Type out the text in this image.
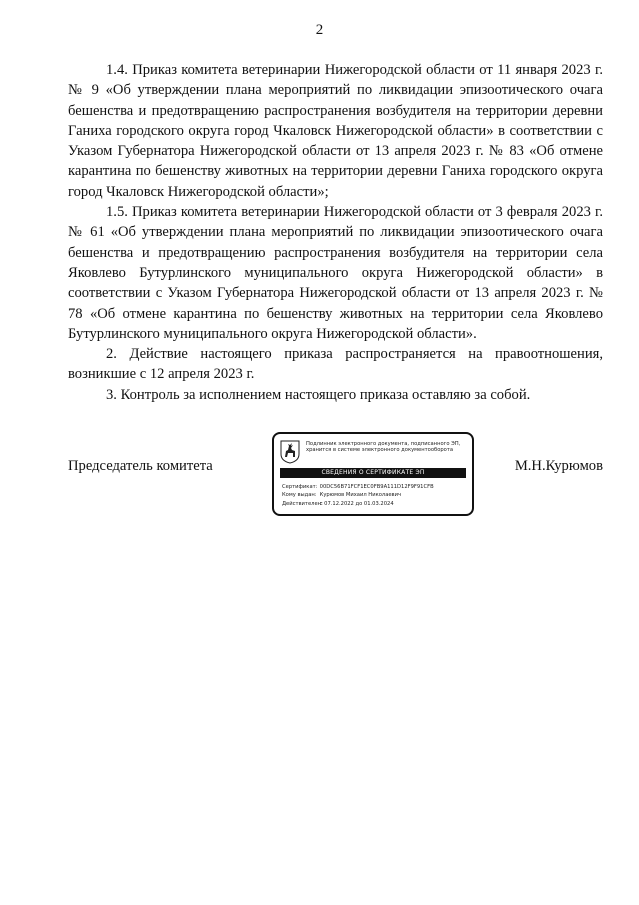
2

1.4. Приказ комитета ветеринарии Нижегородской области от 11 января 2023 г. № 9 «Об утверждении плана мероприятий по ликвидации эпизоотического очага бешенства и предотвращению распространения возбудителя на территории деревни Ганиха городского округа город Чкаловск Нижегородской области» в соответствии с Указом Губернатора Нижегородской области от 13 апреля 2023 г. № 83 «Об отмене карантина по бешенству животных на территории деревни Ганиха городского округа город Чкаловск Нижегородской области»;

1.5. Приказ комитета ветеринарии Нижегородской области от 3 февраля 2023 г. № 61 «Об утверждении плана мероприятий по ликвидации эпизоотического очага бешенства и предотвращению распространения возбудителя на территории села Яковлево Бутурлинского муниципального округа Нижегородской области» в соответствии с Указом Губернатора Нижегородской области от 13 апреля 2023 г. № 78 «Об отмене карантина по бешенству животных на территории села Яковлево Бутурлинского муниципального округа Нижегородской области».

2. Действие настоящего приказа распространяется на правоотношения, возникшие с 12 апреля 2023 г.

3. Контроль за исполнением настоящего приказа оставляю за собой.

Председатель комитета
Подлинник электронного документа, подписанного ЭП,
хранится в системе электронного документооборота
СВЕДЕНИЯ О СЕРТИФИКАТЕ ЭП
Сертификат: 00DC56B71FCF1EC0FB9A111D12F9F91CFB
Кому выдан: Курюмов Михаил Николаевич
Действителен: с 07.12.2022 до 01.03.2024
М.Н.Курюмов
